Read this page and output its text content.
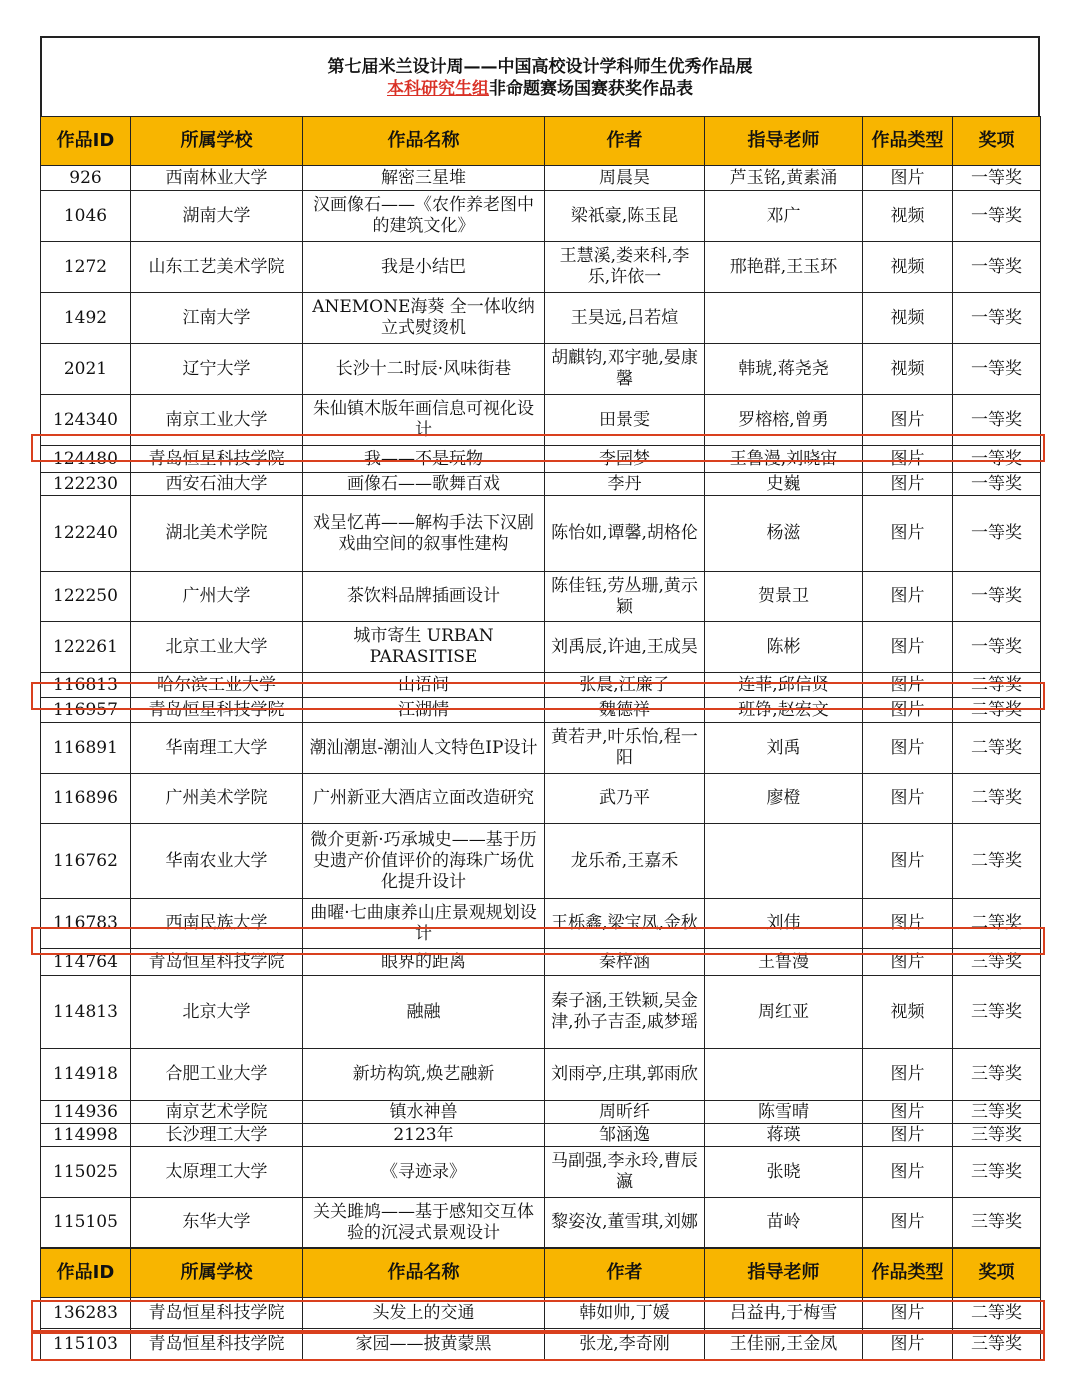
第七届米兰设计周——中国高校设计学科师生优秀作品展
本科研究生组非命题赛场国赛获奖作品表
作品ID	所属学校	作品名称	作者	指导老师	作品类型	奖项
926	西南林业大学	解密三星堆	周晨昊	芦玉铭,黄素涌	图片	一等奖
1046	湖南大学	汉画像石——《农作养老图中的建筑文化》	梁祇豪,陈玉昆	邓广	视频	一等奖
1272	山东工艺美术学院	我是小结巴	王慧溪,娄来科,李乐,许依一	邢艳群,王玉环	视频	一等奖
1492	江南大学	ANEMONE海葵 全一体收纳立式熨烫机	王昊远,吕若煊		视频	一等奖
2021	辽宁大学	长沙十二时辰·风味街巷	胡麒钧,邓宇驰,晏康馨	韩琥,蒋尧尧	视频	一等奖
124340	南京工业大学	朱仙镇木版年画信息可视化设计	田景雯	罗榕榕,曾勇	图片	一等奖
124480	青岛恒星科技学院	我——不是玩物	李园梦	王鲁漫,刘晓宙	图片	一等奖
122230	西安石油大学	画像石——歌舞百戏	李丹	史巍	图片	一等奖
122240	湖北美术学院	戏呈忆苒——解构手法下汉剧戏曲空间的叙事性建构	陈怡如,谭馨,胡格伦	杨滋	图片	一等奖
122250	广州大学	茶饮料品牌插画设计	陈佳钰,劳丛珊,黄示颖	贺景卫	图片	一等奖
122261	北京工业大学	城市寄生 URBAN PARASITISE	刘禹辰,许迪,王成昊	陈彬	图片	一等奖
116813	哈尔滨工业大学	山语间	张晨,汪廉子	连菲,邱信贤	图片	二等奖
116957	青岛恒星科技学院	江湖情	魏德祥	班铮,赵宏文	图片	二等奖
116891	华南理工大学	潮汕潮崽-潮汕人文特色IP设计	黄若尹,叶乐怡,程一阳	刘禹	图片	二等奖
116896	广州美术学院	广州新亚大酒店立面改造研究	武乃平	廖橙	图片	二等奖
116762	华南农业大学	微介更新·巧承城史——基于历史遗产价值评价的海珠广场优化提升设计	龙乐希,王嘉禾		图片	二等奖
116783	西南民族大学	曲曜·七曲康养山庄景观规划设计	王栎鑫,梁宝凤,金秋	刘伟	图片	二等奖
114764	青岛恒星科技学院	眼界的距离	秦梓涵	王鲁漫	图片	三等奖
114813	北京大学	融融	秦子涵,王铁颖,吴金津,孙子吉歪,戚梦瑶	周红亚	视频	三等奖
114918	合肥工业大学	新坊构筑,焕艺融新	刘雨亭,庄琪,郭雨欣		图片	三等奖
114936	南京艺术学院	镇水神兽	周昕纤	陈雪晴	图片	三等奖
114998	长沙理工大学	2123年	邹涵逸	蒋瑛	图片	三等奖
115025	太原理工大学	《寻迹录》	马副强,李永玲,曹辰瀛	张晓	图片	三等奖
115105	东华大学	关关雎鸠——基于感知交互体验的沉浸式景观设计	黎姿汝,董雪琪,刘娜	苗岭	图片	三等奖
作品ID	所属学校	作品名称	作者	指导老师	作品类型	奖项
136283	青岛恒星科技学院	头发上的交通	韩如帅,丁媛	吕益冉,于梅雪	图片	二等奖
115103	青岛恒星科技学院	家园——披黄蒙黑	张龙,李奇刚	王佳丽,王金凤	图片	三等奖
